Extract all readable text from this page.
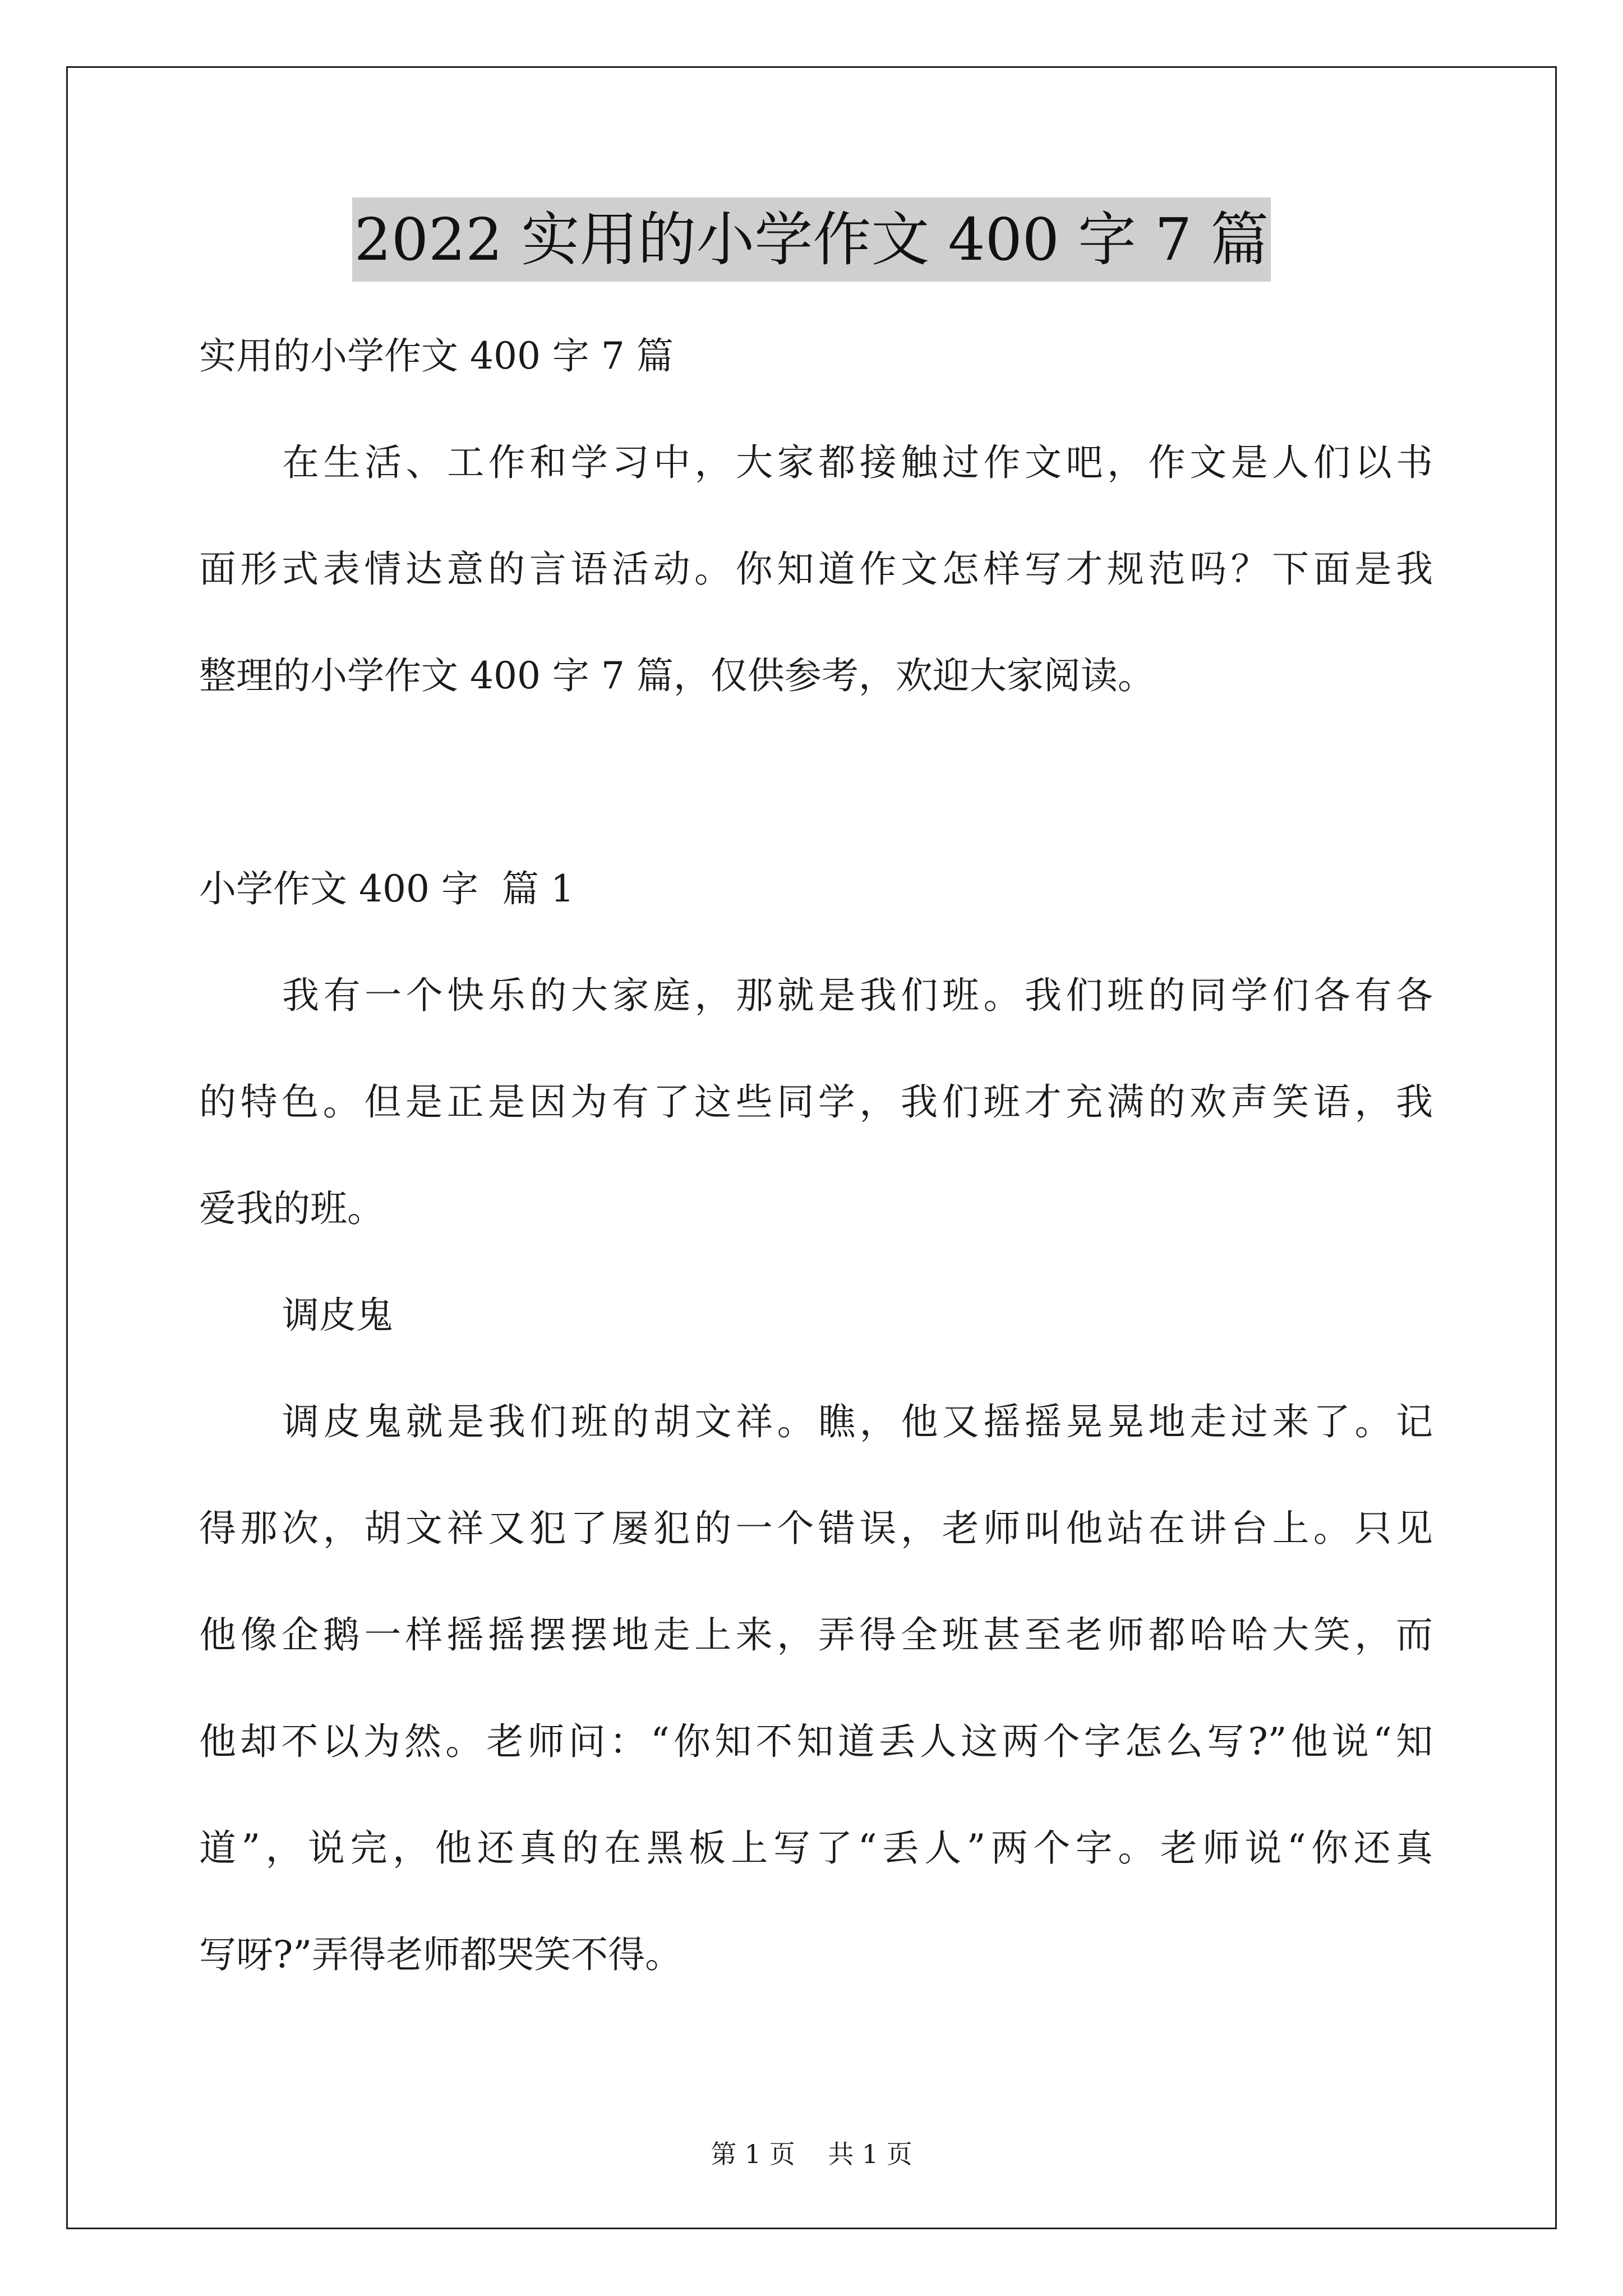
2022 实用的小学作文 400 字 7 篇

实用的小学作文 400 字 7 篇

在生活、工作和学习中，大家都接触过作文吧，作文是人们以书

面形式表情达意的言语活动。你知道作文怎样写才规范吗？下面是我

整理的小学作文 400 字 7 篇，仅供参考，欢迎大家阅读。

小学作文 400 字  篇 1

我有一个快乐的大家庭，那就是我们班。我们班的同学们各有各

的特色。但是正是因为有了这些同学，我们班才充满的欢声笑语，我

爱我的班。

调皮鬼

调皮鬼就是我们班的胡文祥。瞧，他又摇摇晃晃地走过来了。记

得那次，胡文祥又犯了屡犯的一个错误，老师叫他站在讲台上。只见

他像企鹅一样摇摇摆摆地走上来，弄得全班甚至老师都哈哈大笑，而

他却不以为然。老师问：“你知不知道丢人这两个字怎么写?”他说“知

道”，说完，他还真的在黑板上写了“丢人”两个字。老师说“你还真

写呀?”弄得老师都哭笑不得。

第 1 页    共 1 页
